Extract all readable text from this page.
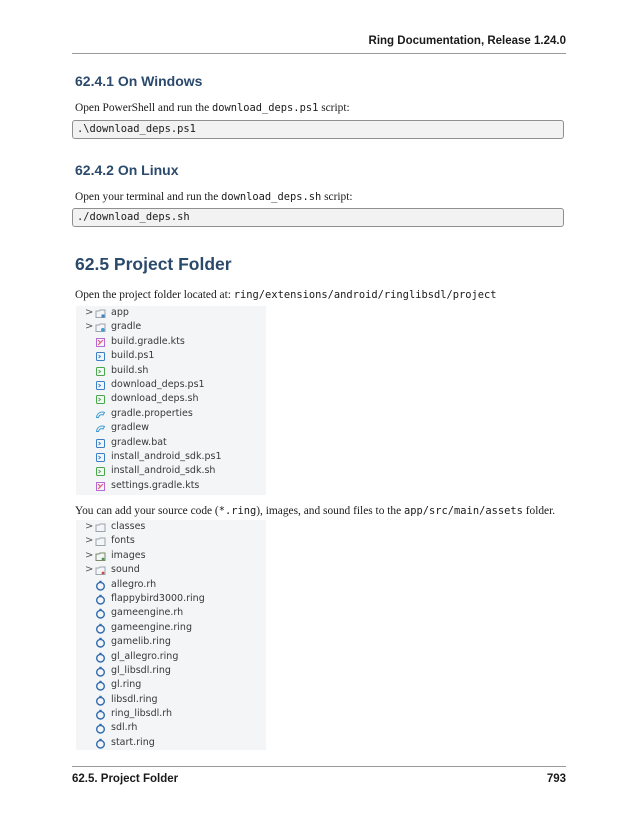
Ring Documentation, Release 1.24.0
62.4.1 On Windows
Open PowerShell and run the download_deps.ps1 script:
.\download_deps.ps1
62.4.2 On Linux
Open your terminal and run the download_deps.sh script:
./download_deps.sh
62.5 Project Folder
Open the project folder located at: ring/extensions/android/ringlibsdl/project
> app
> gradle
build.gradle.kts
build.ps1
build.sh
download_deps.ps1
download_deps.sh
gradle.properties
gradlew
gradlew.bat
install_android_sdk.ps1
install_android_sdk.sh
settings.gradle.kts
You can add your source code (*.ring), images, and sound files to the app/src/main/assets folder.
> classes
> fonts
> images
> sound
allegro.rh
flappybird3000.ring
gameengine.rh
gameengine.ring
gamelib.ring
gl_allegro.ring
gl_libsdl.ring
gl.ring
libsdl.ring
ring_libsdl.rh
sdl.rh
start.ring
62.5. Project Folder	793
